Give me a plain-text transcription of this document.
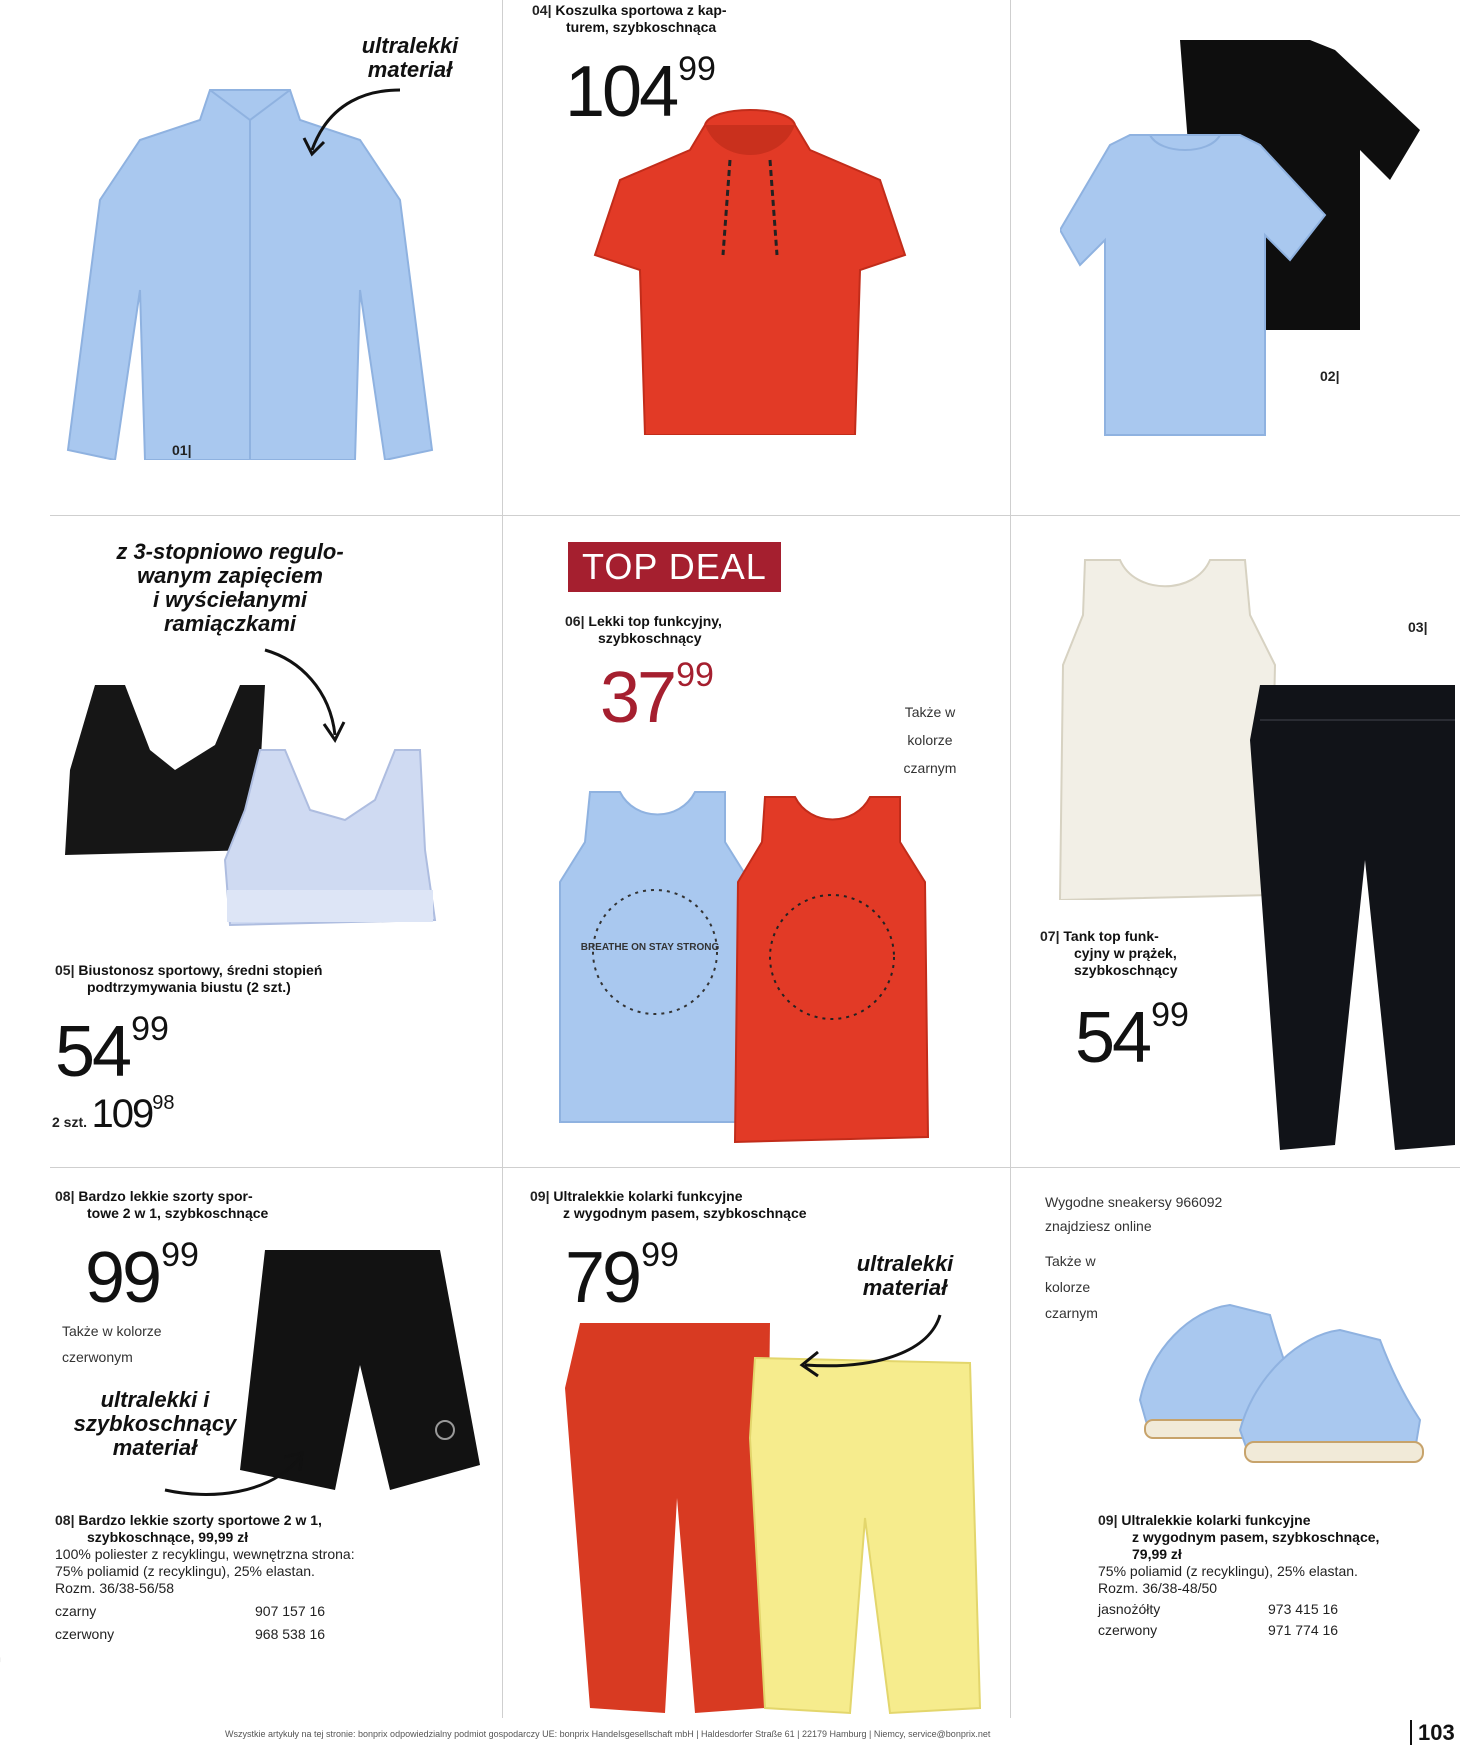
ultralekki
materiał
01|
04| Koszulka sportowa z kap-
turem, szybkoschnąca
$104^{99}$
02|
z 3-stopniowo regulo-
wanym zapięciem
i wyściełanymi
ramiączkami
05| Biustonosz sportowy, średni stopień
podtrzymywania biustu (2 szt.)
$54^{99}$
2 szt. $109^{98}$
TOP DEAL
06| Lekki top funkcyjny,
szybkoschnący
$37^{99}$
Także w kolorze czarnym
BREATHE ON STAY STRONG
03|
07| Tank top funk-
cyjny w prążek,
szybkoschnący
$54^{99}$
08| Bardzo lekkie szorty spor-
towe 2 w 1, szybkoschnące
$99^{99}$
Także w kolorze czerwonym
ultralekki i
szybkoschnący
materiał
09| Ultralekkie kolarki funkcyjne
z wygodnym pasem, szybkoschnące
$79^{99}$	ultralekki
materiał
Wygodne sneakersy 966092
znajdziesz online
Także w kolorze czarnym
08| Bardzo lekkie szorty sportowe 2 w 1,
szybkoschnące, 99,99 zł
100% poliester z recyklingu, wewnętrzna strona:
75% poliamid (z recyklingu), 25% elastan.
Rozm. 36/38-56/58
czarny	907 157 16
czerwony	968 538 16
09| Ultralekkie kolarki funkcyjne
z wygodnym pasem, szybkoschnące,
79,99 zł
75% poliamid (z recyklingu), 25% elastan.
Rozm. 36/38-48/50
jasnożółty	973 415 16
czerwony	971 774 16
Wszystkie artykuły na tej stronie: bonprix odpowiedzialny podmiot gospodarczy UE: bonprix Handelsgesellschaft mbH | Haldesdorfer Straße 61 | 22179 Hamburg | Niemcy, service@bonprix.net	103
